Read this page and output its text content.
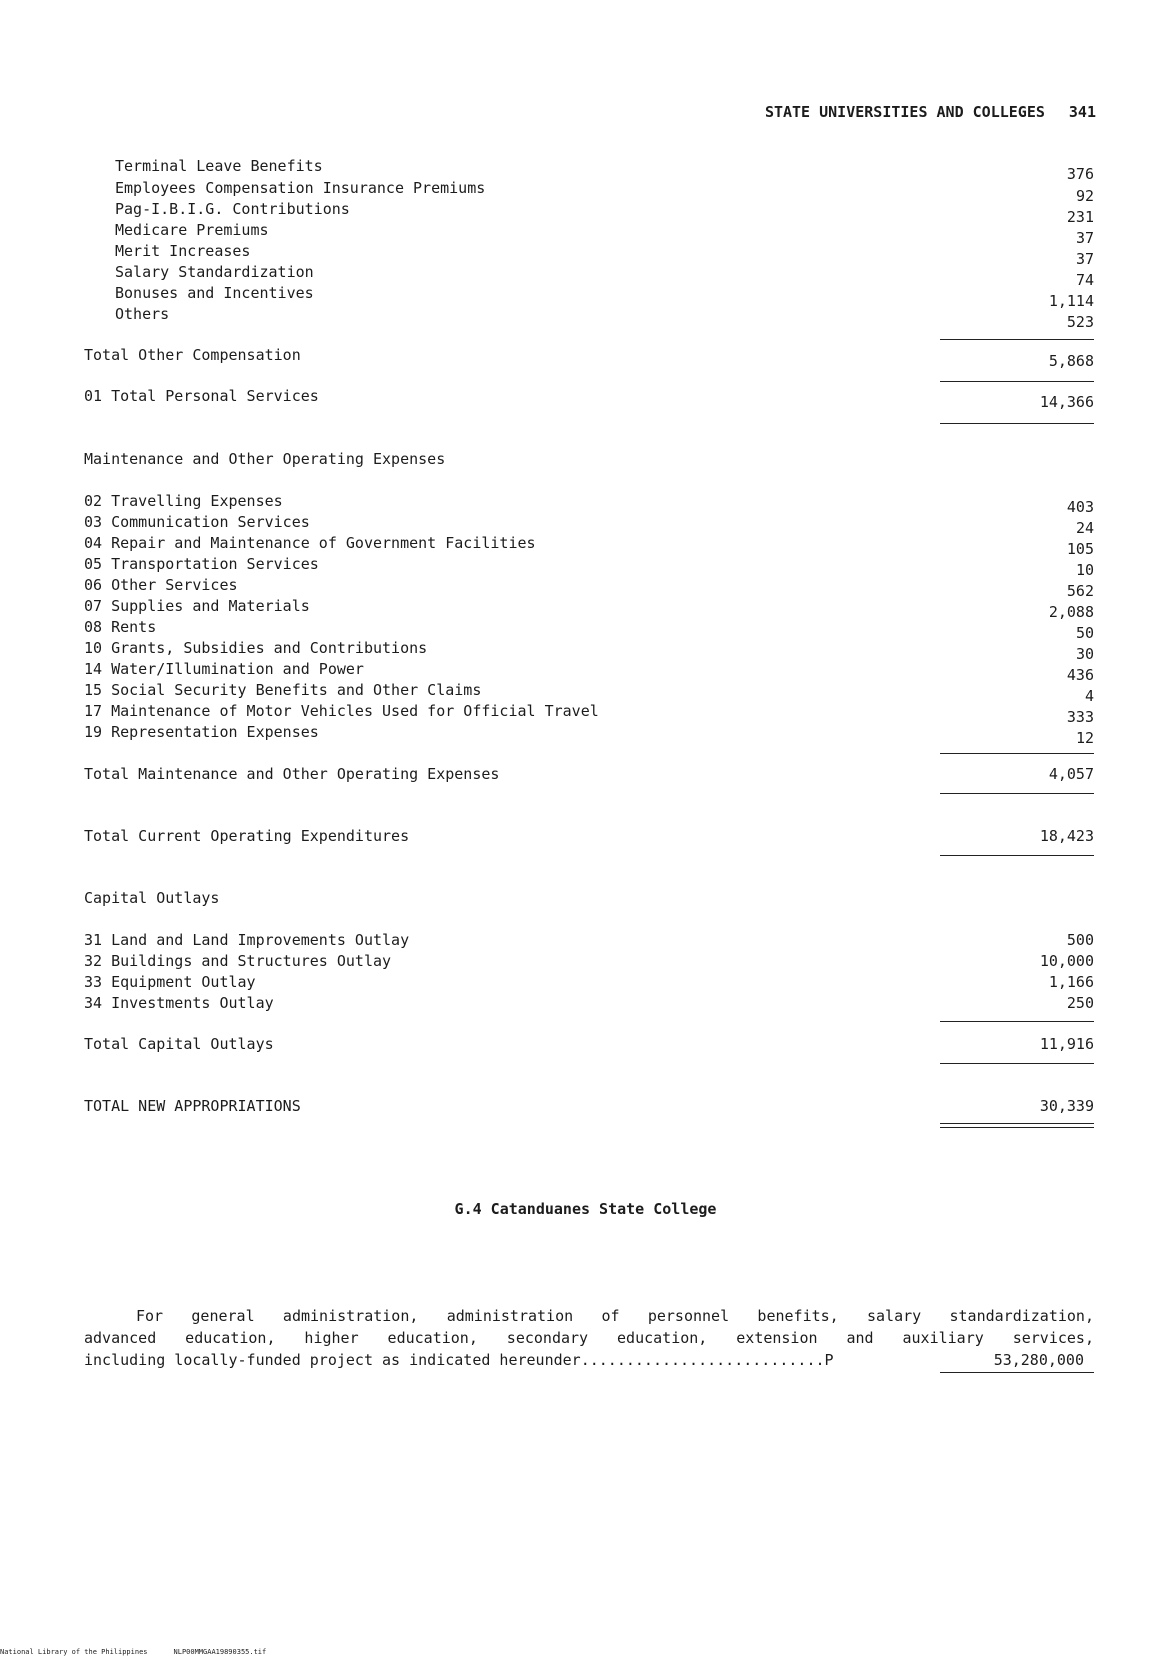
STATE UNIVERSITIES AND COLLEGES 341
Terminal Leave Benefits	376
Employees Compensation Insurance Premiums	92
Pag-I.B.I.G. Contributions	231
Medicare Premiums	37
Merit Increases	37
Salary Standardization	74
Bonuses and Incentives	1,114
Others	523
Total Other Compensation	5,868
01 Total Personal Services	14,366
Maintenance and Other Operating Expenses
02 Travelling Expenses	403
03 Communication Services	24
04 Repair and Maintenance of Government Facilities	105
05 Transportation Services	10
06 Other Services	562
07 Supplies and Materials	2,088
08 Rents	50
10 Grants, Subsidies and Contributions	30
14 Water/Illumination and Power	436
15 Social Security Benefits and Other Claims	4
17 Maintenance of Motor Vehicles Used for Official Travel	333
19 Representation Expenses	12
Total Maintenance and Other Operating Expenses	4,057
Total Current Operating Expenditures	18,423
Capital Outlays
31 Land and Land Improvements Outlay	500
32 Buildings and Structures Outlay	10,000
33 Equipment Outlay	1,166
34 Investments Outlay	250
Total Capital Outlays	11,916
TOTAL NEW APPROPRIATIONS	30,339
G.4 Catanduanes State College
For general administration, administration of personnel benefits, salary standardization,
advanced education, higher education, secondary education, extension and auxiliary services,
including locally-funded project as indicated hereunder...........................P	53,280,000
National Library of the Philippines	NLP00MMGAA19890355.tif
